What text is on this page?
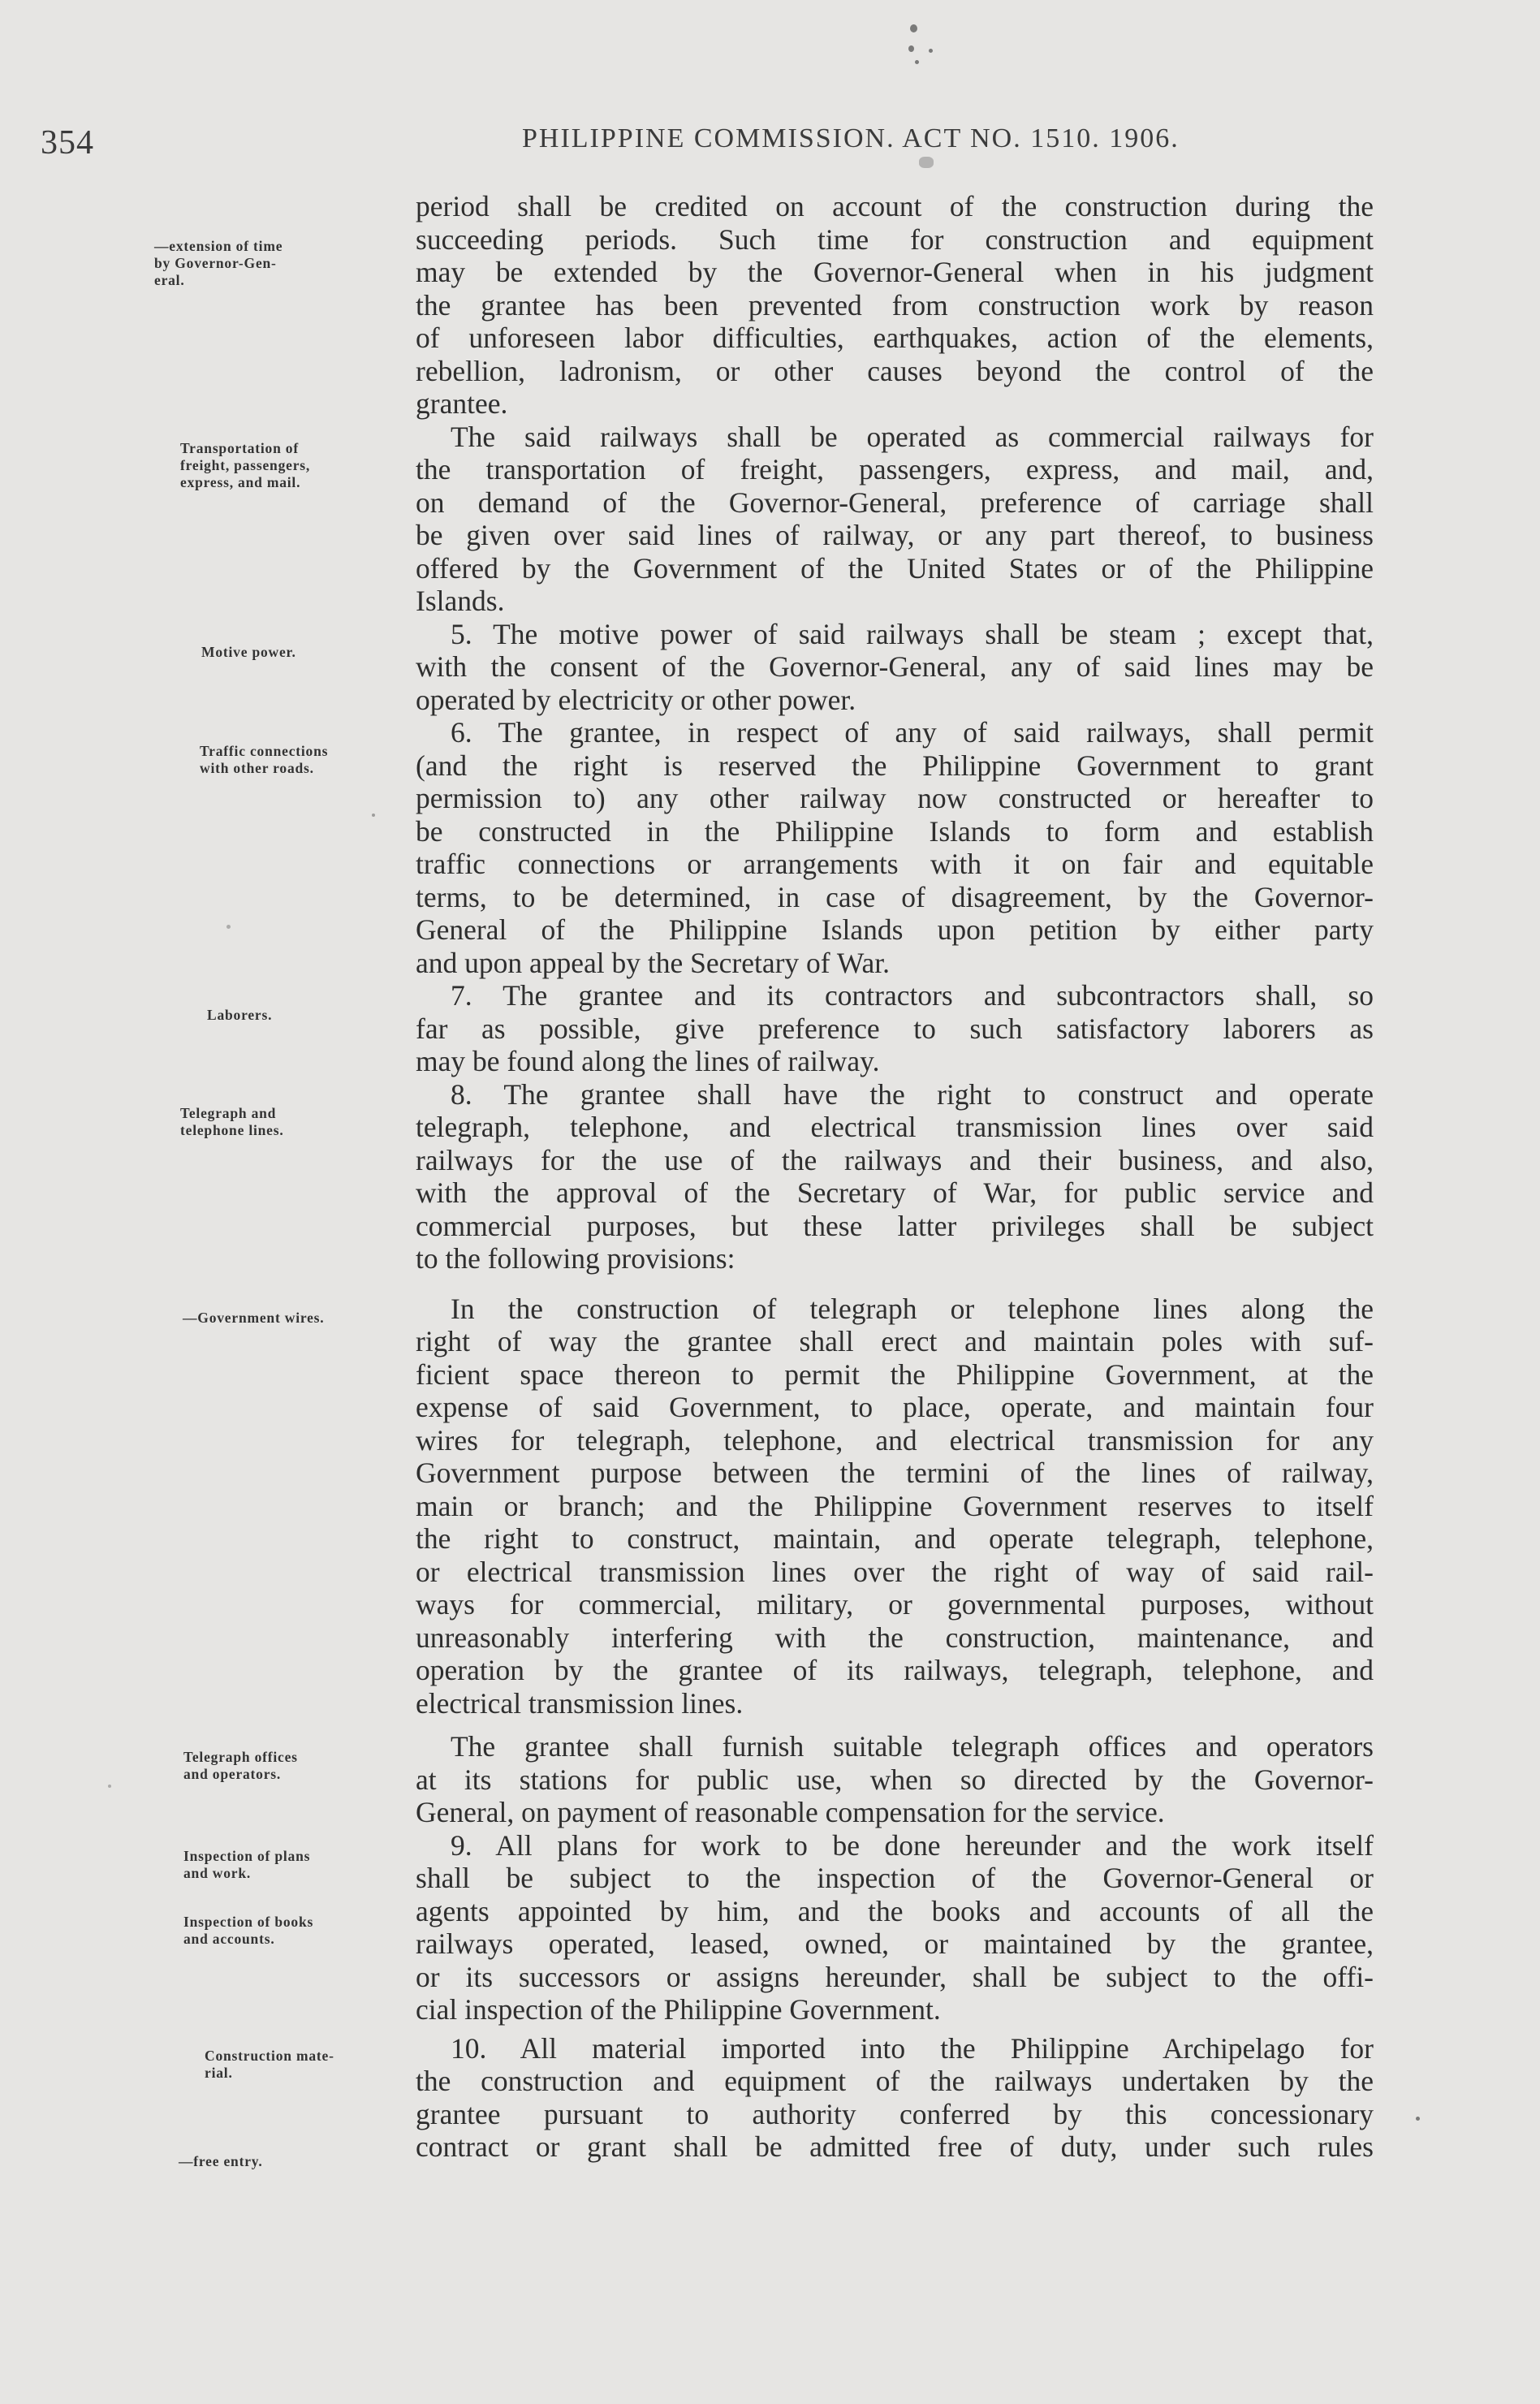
354	PHILIPPINE COMMISSION. ACT NO. 1510. 1906.
—extension of time
by Governor-Gen-
eral.
Transportation of
freight, passengers,
express, and mail.
Motive power.
Traffic connections
with other roads.
Laborers.
Telegraph and
telephone lines.
—Government wires.
Telegraph offices
and operators.
Inspection of plans
and work.
Inspection of books
and accounts.
Construction mate-
rial.
—free entry.
period shall be credited on account of the construction during the
succeeding periods. Such time for construction and equipment
may be extended by the Governor-General when in his judgment
the grantee has been prevented from construction work by reason
of unforeseen labor difficulties, earthquakes, action of the elements,
rebellion, ladronism, or other causes beyond the control of the
grantee.
The said railways shall be operated as commercial railways for
the transportation of freight, passengers, express, and mail, and,
on demand of the Governor-General, preference of carriage shall
be given over said lines of railway, or any part thereof, to business
offered by the Government of the United States or of the Philippine
Islands.
5. The motive power of said railways shall be steam ; except that,
with the consent of the Governor-General, any of said lines may be
operated by electricity or other power.
6. The grantee, in respect of any of said railways, shall permit
(and the right is reserved the Philippine Government to grant
permission to) any other railway now constructed or hereafter to
be constructed in the Philippine Islands to form and establish
traffic connections or arrangements with it on fair and equitable
terms, to be determined, in case of disagreement, by the Governor-
General of the Philippine Islands upon petition by either party
and upon appeal by the Secretary of War.
7. The grantee and its contractors and subcontractors shall, so
far as possible, give preference to such satisfactory laborers as
may be found along the lines of railway.
8. The grantee shall have the right to construct and operate
telegraph, telephone, and electrical transmission lines over said
railways for the use of the railways and their business, and also,
with the approval of the Secretary of War, for public service and
commercial purposes, but these latter privileges shall be subject
to the following provisions:
In the construction of telegraph or telephone lines along the
right of way the grantee shall erect and maintain poles with suf-
ficient space thereon to permit the Philippine Government, at the
expense of said Government, to place, operate, and maintain four
wires for telegraph, telephone, and electrical transmission for any
Government purpose between the termini of the lines of railway,
main or branch; and the Philippine Government reserves to itself
the right to construct, maintain, and operate telegraph, telephone,
or electrical transmission lines over the right of way of said rail-
ways for commercial, military, or governmental purposes, without
unreasonably interfering with the construction, maintenance, and
operation by the grantee of its railways, telegraph, telephone, and
electrical transmission lines.
The grantee shall furnish suitable telegraph offices and operators
at its stations for public use, when so directed by the Governor-
General, on payment of reasonable compensation for the service.
9. All plans for work to be done hereunder and the work itself
shall be subject to the inspection of the Governor-General or
agents appointed by him, and the books and accounts of all the
railways operated, leased, owned, or maintained by the grantee,
or its successors or assigns hereunder, shall be subject to the offi-
cial inspection of the Philippine Government.
10. All material imported into the Philippine Archipelago for
the construction and equipment of the railways undertaken by the
grantee pursuant to authority conferred by this concessionary
contract or grant shall be admitted free of duty, under such rules
